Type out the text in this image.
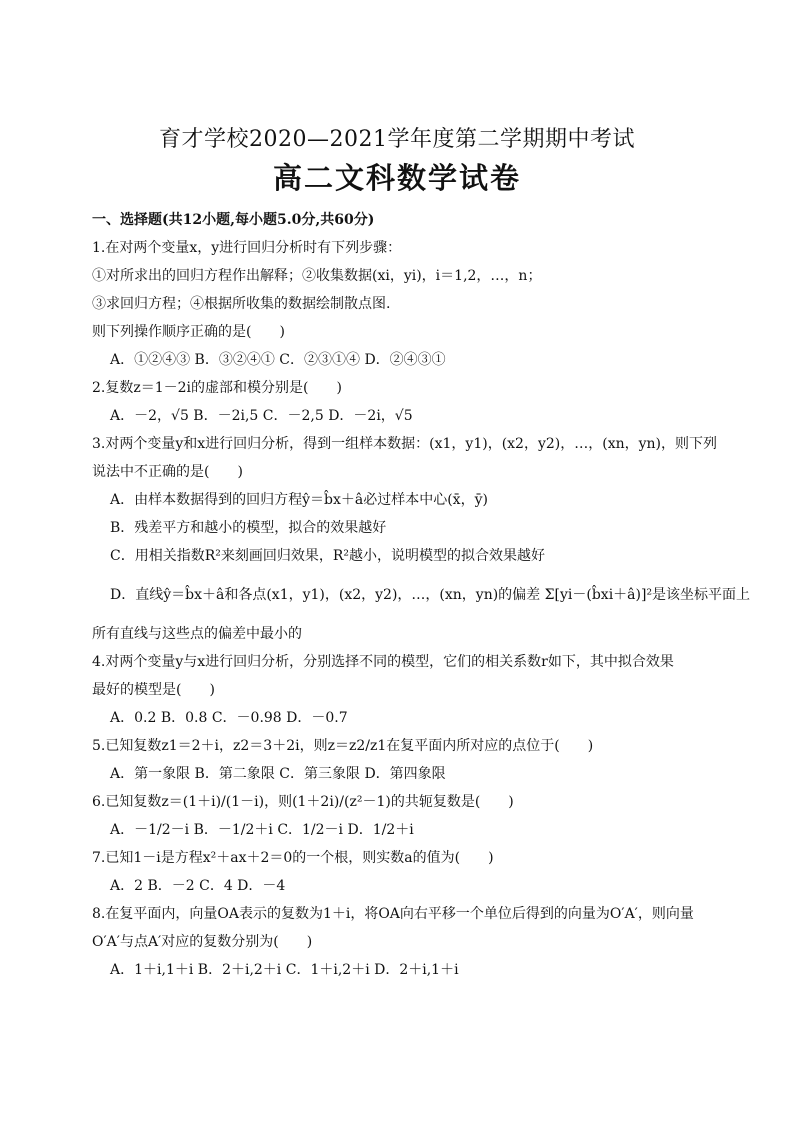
育才学校2020—2021学年度第二学期期中考试
高二文科数学试卷
一、选择题(共12小题,每小题5.0分,共60分)
1.在对两个变量x，y进行回归分析时有下列步骤：
①对所求出的回归方程作出解释；②收集数据(xi，yi)，i＝1,2，…，n；
③求回归方程；④根据所收集的数据绘制散点图.
则下列操作顺序正确的是(　　)
A．①②④③ B．③②④① C．②③①④ D．②④③①
2.复数z＝1－2i的虚部和模分别是(　　)
A．－2，√5 B．－2i,5 C．－2,5 D．－2i，√5
3.对两个变量y和x进行回归分析，得到一组样本数据：(x1，y1)，(x2，y2)，…，(xn，yn)，则下列
说法中不正确的是(　　)
A．由样本数据得到的回归方程ŷ＝b̂x＋â必过样本中心(x̄，ȳ)
B．残差平方和越小的模型，拟合的效果越好
C．用相关指数R²来刻画回归效果，R²越小，说明模型的拟合效果越好
D．直线ŷ＝b̂x＋â和各点(x1，y1)，(x2，y2)，…，(xn，yn)的偏差 Σ[yi－(b̂xi＋â)]²是该坐标平面上
所有直线与这些点的偏差中最小的
4.对两个变量y与x进行回归分析，分别选择不同的模型，它们的相关系数r如下，其中拟合效果
最好的模型是(　　)
A．0.2 B．0.8 C．－0.98 D．－0.7
5.已知复数z1＝2＋i，z2＝3＋2i，则z＝z2/z1在复平面内所对应的点位于(　　)
A．第一象限 B．第二象限 C．第三象限 D．第四象限
6.已知复数z＝(1＋i)/(1－i)，则(1＋2i)/(z²－1)的共轭复数是(　　)
A．－1/2－i B．－1/2＋i C．1/2－i D．1/2＋i
7.已知1－i是方程x²＋ax＋2＝0的一个根，则实数a的值为(　　)
A．2 B．－2 C．4 D．－4
8.在复平面内，向量OA表示的复数为1＋i，将OA向右平移一个单位后得到的向量为O′A′，则向量
O′A′与点A′对应的复数分别为(　　)
A．1＋i,1＋i B．2＋i,2＋i C．1＋i,2＋i D．2＋i,1＋i
